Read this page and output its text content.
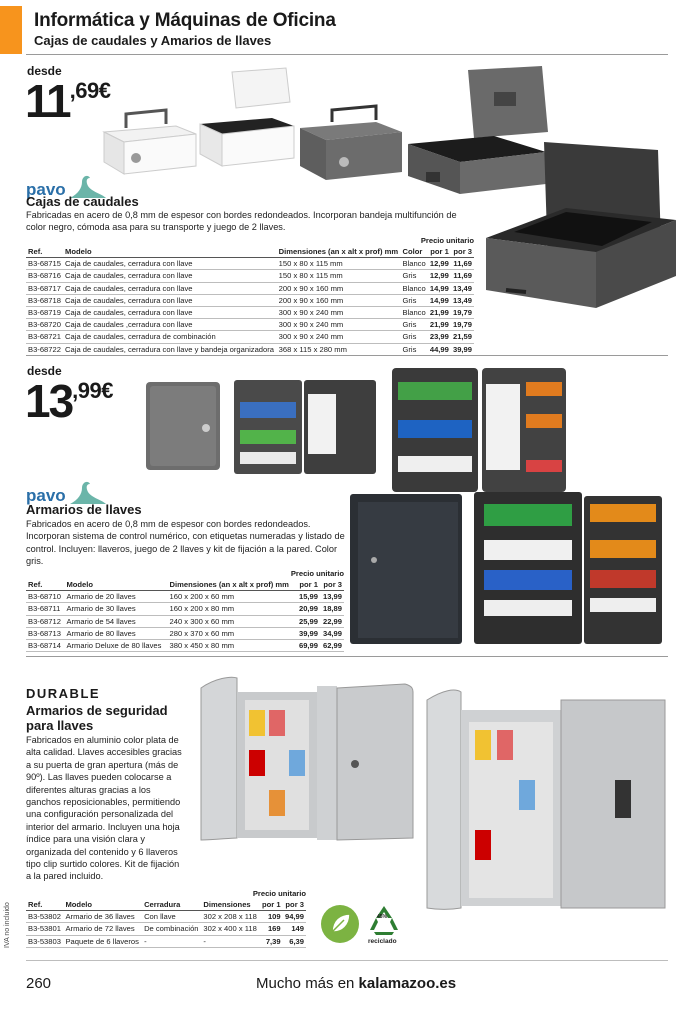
Informática y Máquinas de Oficina
Cajas de caudales y Amarios de llaves
desde
11 ,69€
pavo
Cajas de caudales
Fabricadas en acero de 0,8 mm de espesor con bordes redondeados. Incorporan bandeja multifunción de color negro, cómoda asa para su transporte y juego de 2 llaves.
Precio unitario
Ref.	Modelo	Dimensiones (an x alt x prof) mm	Color	por 1	por 3
B3-68715	Caja de caudales, cerradura con llave	150 x 80 x 115 mm	Blanco	12,99	11,69
B3-68716	Caja de caudales, cerradura con llave	150 x 80 x 115 mm	Gris	12,99	11,69
B3-68717	Caja de caudales, cerradura con llave	200 x 90 x 160 mm	Blanco	14,99	13,49
B3-68718	Caja de caudales, cerradura con llave	200 x 90 x 160 mm	Gris	14,99	13,49
B3-68719	Caja de caudales, cerradura con llave	300 x 90 x 240 mm	Blanco	21,99	19,79
B3-68720	Caja de caudales ,cerradura con llave	300 x 90 x 240 mm	Gris	21,99	19,79
B3-68721	Caja de caudales, cerradura de combinación	300 x 90 x 240 mm	Gris	23,99	21,59
B3-68722	Caja de caudales, cerradura con llave y bandeja organizadora	368 x 115 x 280 mm	Gris	44,99	39,99
desde
13 ,99€
pavo
Armarios de llaves
Fabricados en acero de 0,8 mm de espesor con bordes redondeados. Incorporan sistema de control numérico, con etiquetas numeradas y listado de control. Incluyen: llaveros, juego de 2 llaves y kit de fijación a la pared. Color gris.
Precio unitario
Ref.	Modelo	Dimensiones (an x alt x prof) mm	por 1	por 3
B3-68710	Armario de 20 llaves	160 x 200 x 60 mm	15,99	13,99
B3-68711	Armario de 30 llaves	160 x 200 x 80 mm	20,99	18,89
B3-68712	Armario de 54 llaves	240 x 300 x 60 mm	25,99	22,99
B3-68713	Armario de 80 llaves	280 x 370 x 60 mm	39,99	34,99
B3-68714	Armario Deluxe de 80 llaves	380 x 450 x 80 mm	69,99	62,99
DURABLE
Armarios de seguridad
para llaves
Fabricados en aluminio color plata de alta calidad. Llaves accesibles gracias a su puerta de gran apertura (más de 90º). Las llaves pueden colocarse a diferentes alturas gracias a los ganchos reposicionables, permitiendo una configuración personalizada del interior del armario. Incluyen una hoja índice para una visión clara y organizada del contenido y 6 llaveros tipo clip surtido colores. Kit de fijación a la pared incluido.
Precio unitario
Ref.	Modelo	Cerradura	Dimensiones	por 1	por 3
B3-53802	Armario de 36 llaves	Con llave	302 x 208 x 118	109	94,99
B3-53801	Armario de 72 llaves	De combinación	302 x 400 x 118	169	149
B3-53803	Paquete de 6 llaveros	-	-	7,39	6,39
45%
reciclado
IVA no incluido
260	Mucho más en kalamazoo.es
